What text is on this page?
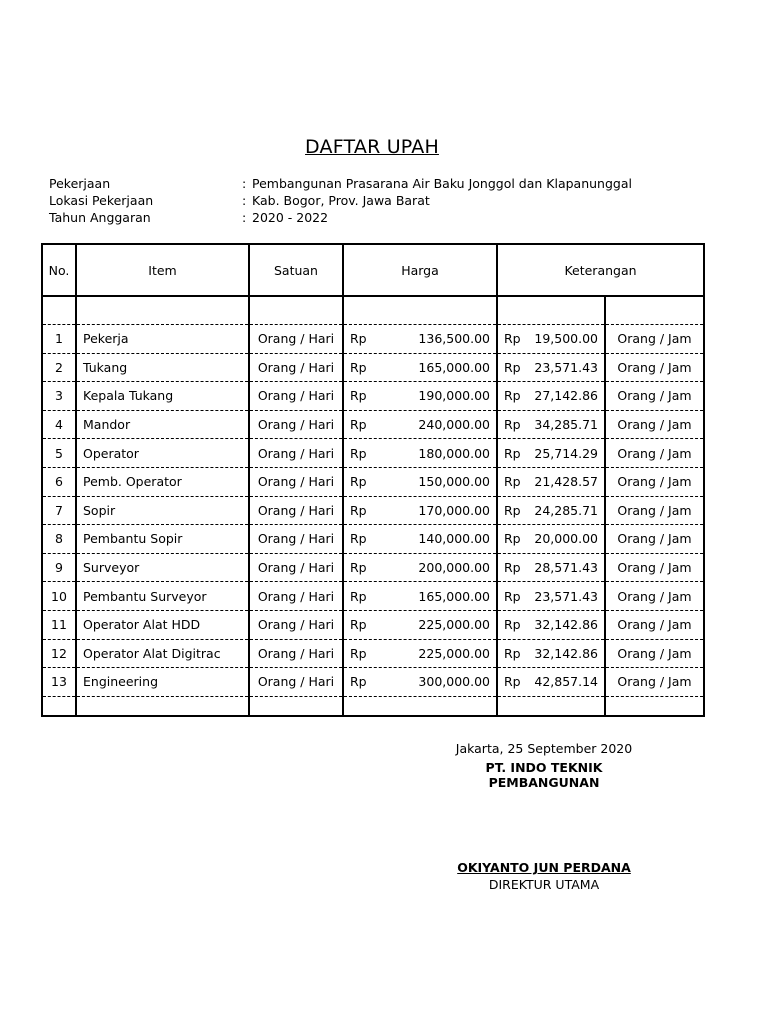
DAFTAR UPAH
Pekerjaan	: Pembangunan Prasarana Air Baku Jonggol dan Klapanunggal
Lokasi Pekerjaan	: Kab. Bogor, Prov. Jawa Barat
Tahun Anggaran	: 2020 - 2022
No.	Item	Satuan	Harga	Keterangan	

1	Pekerja	Orang / Hari	Rp 136,500.00	Rp 19,500.00	Orang / Jam
2	Tukang	Orang / Hari	Rp 165,000.00	Rp 23,571.43	Orang / Jam
3	Kepala Tukang	Orang / Hari	Rp 190,000.00	Rp 27,142.86	Orang / Jam
4	Mandor	Orang / Hari	Rp 240,000.00	Rp 34,285.71	Orang / Jam
5	Operator	Orang / Hari	Rp 180,000.00	Rp 25,714.29	Orang / Jam
6	Pemb. Operator	Orang / Hari	Rp 150,000.00	Rp 21,428.57	Orang / Jam
7	Sopir	Orang / Hari	Rp 170,000.00	Rp 24,285.71	Orang / Jam
8	Pembantu Sopir	Orang / Hari	Rp 140,000.00	Rp 20,000.00	Orang / Jam
9	Surveyor	Orang / Hari	Rp 200,000.00	Rp 28,571.43	Orang / Jam
10	Pembantu Surveyor	Orang / Hari	Rp 165,000.00	Rp 23,571.43	Orang / Jam
11	Operator Alat HDD	Orang / Hari	Rp 225,000.00	Rp 32,142.86	Orang / Jam
12	Operator Alat Digitrac	Orang / Hari	Rp 225,000.00	Rp 32,142.86	Orang / Jam
13	Engineering	Orang / Hari	Rp 300,000.00	Rp 42,857.14	Orang / Jam

Jakarta, 25 September 2020
PT. INDO TEKNIK PEMBANGUNAN
OKIYANTO JUN PERDANA
DIREKTUR UTAMA
